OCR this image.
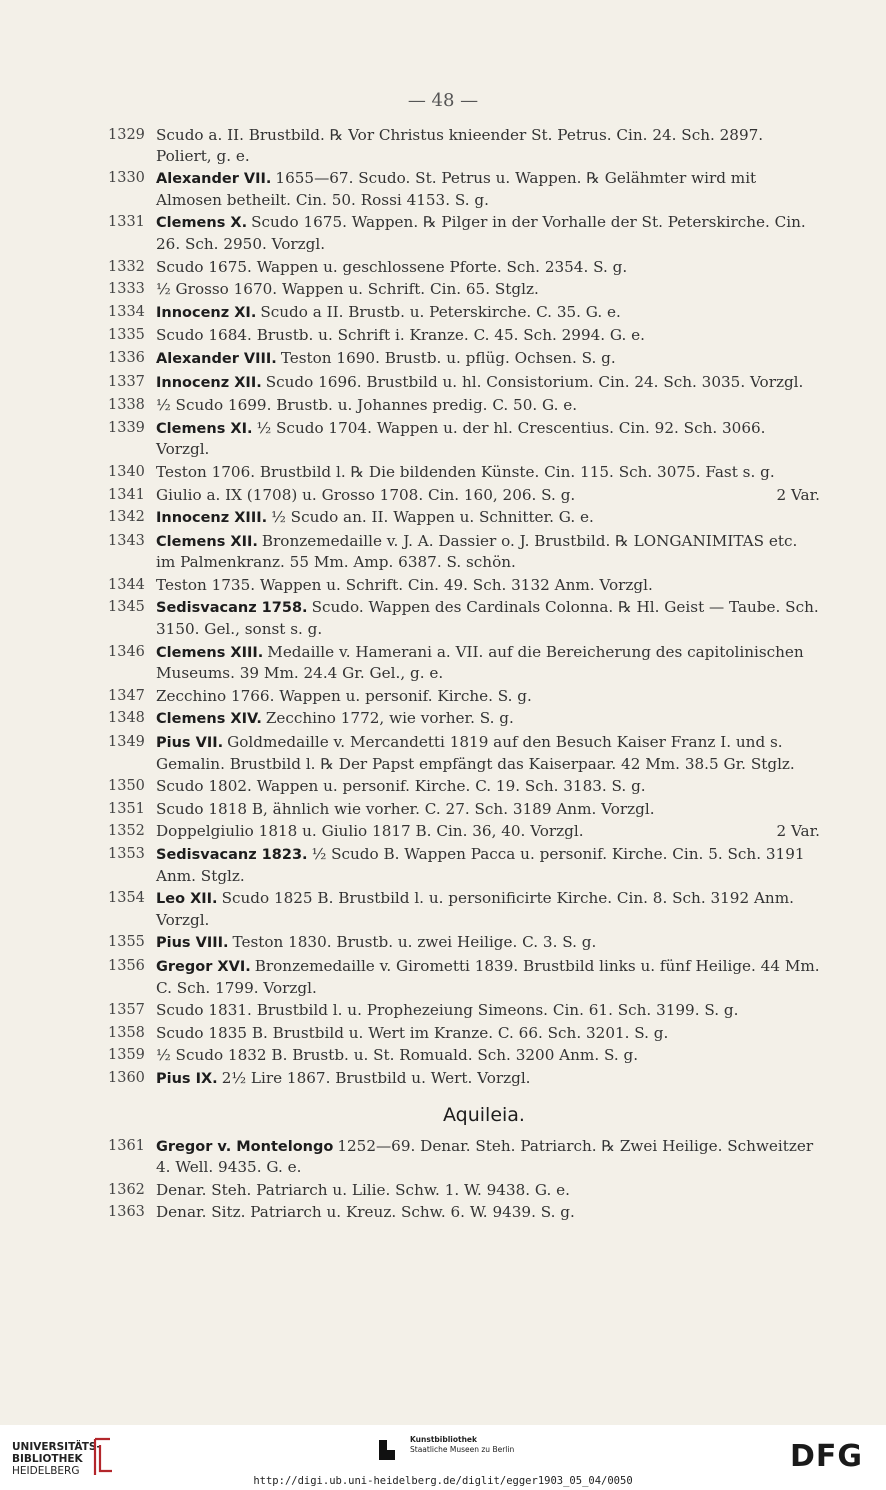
— 48 —
1329 Scudo a. II. Brustbild. ℞ Vor Christus knieender St. Petrus. Cin. 24. Sch. 2897. Poliert, g. e.
1330 Alexander VII. 1655—67. Scudo. St. Petrus u. Wappen. ℞ Gelähmter wird mit Almosen betheilt. Cin. 50. Rossi 4153. S. g.
1331 Clemens X. Scudo 1675. Wappen. ℞ Pilger in der Vorhalle der St. Peterskirche. Cin. 26. Sch. 2950. Vorzgl.
1332 Scudo 1675. Wappen u. geschlossene Pforte. Sch. 2354. S. g.
1333 ½ Grosso 1670. Wappen u. Schrift. Cin. 65. Stglz.
1334 Innocenz XI. Scudo a II. Brustb. u. Peterskirche. C. 35. G. e.
1335 Scudo 1684. Brustb. u. Schrift i. Kranze. C. 45. Sch. 2994. G. e.
1336 Alexander VIII. Teston 1690. Brustb. u. pflüg. Ochsen. S. g.
1337 Innocenz XII. Scudo 1696. Brustbild u. hl. Consistorium. Cin. 24. Sch. 3035. Vorzgl.
1338 ½ Scudo 1699. Brustb. u. Johannes predig. C. 50. G. e.
1339 Clemens XI. ½ Scudo 1704. Wappen u. der hl. Crescentius. Cin. 92. Sch. 3066. Vorzgl.
1340 Teston 1706. Brustbild l. ℞ Die bildenden Künste. Cin. 115. Sch. 3075. Fast s. g.
1341 Giulio a. IX (1708) u. Grosso 1708. Cin. 160, 206. S. g.	2 Var.
1342 Innocenz XIII. ½ Scudo an. II. Wappen u. Schnitter. G. e.
1343 Clemens XII. Bronzemedaille v. J. A. Dassier o. J. Brustbild. ℞ LONGANIMITAS etc. im Palmenkranz. 55 Mm. Amp. 6387. S. schön.
1344 Teston 1735. Wappen u. Schrift. Cin. 49. Sch. 3132 Anm. Vorzgl.
1345 Sedisvacanz 1758. Scudo. Wappen des Cardinals Colonna. ℞ Hl. Geist — Taube. Sch. 3150. Gel., sonst s. g.
1346 Clemens XIII. Medaille v. Hamerani a. VII. auf die Bereicherung des capitolinischen Museums. 39 Mm. 24.4 Gr. Gel., g. e.
1347 Zecchino 1766. Wappen u. personif. Kirche. S. g.
1348 Clemens XIV. Zecchino 1772, wie vorher. S. g.
1349 Pius VII. Goldmedaille v. Mercandetti 1819 auf den Besuch Kaiser Franz I. und s. Gemalin. Brustbild l. ℞ Der Papst empfängt das Kaiserpaar. 42 Mm. 38.5 Gr. Stglz.
1350 Scudo 1802. Wappen u. personif. Kirche. C. 19. Sch. 3183. S. g.
1351 Scudo 1818 B, ähnlich wie vorher. C. 27. Sch. 3189 Anm. Vorzgl.
1352 Doppelgiulio 1818 u. Giulio 1817 B. Cin. 36, 40. Vorzgl.	2 Var.
1353 Sedisvacanz 1823. ½ Scudo B. Wappen Pacca u. personif. Kirche. Cin. 5. Sch. 3191 Anm. Stglz.
1354 Leo XII. Scudo 1825 B. Brustbild l. u. personificirte Kirche. Cin. 8. Sch. 3192 Anm. Vorzgl.
1355 Pius VIII. Teston 1830. Brustb. u. zwei Heilige. C. 3. S. g.
1356 Gregor XVI. Bronzemedaille v. Girometti 1839. Brustbild links u. fünf Heilige. 44 Mm. C. Sch. 1799. Vorzgl.
1357 Scudo 1831. Brustbild l. u. Prophezeiung Simeons. Cin. 61. Sch. 3199. S. g.
1358 Scudo 1835 B. Brustbild u. Wert im Kranze. C. 66. Sch. 3201. S. g.
1359 ½ Scudo 1832 B. Brustb. u. St. Romuald. Sch. 3200 Anm. S. g.
1360 Pius IX. 2½ Lire 1867. Brustbild u. Wert. Vorzgl.
Aquileia.
1361 Gregor v. Montelongo 1252—69. Denar. Steh. Patriarch. ℞ Zwei Heilige. Schweitzer 4. Well. 9435. G. e.
1362 Denar. Steh. Patriarch u. Lilie. Schw. 1. W. 9438. G. e.
1363 Denar. Sitz. Patriarch u. Kreuz. Schw. 6. W. 9439. S. g.
UNIVERSITÄTS-
BIBLIOTHEK
HEIDELBERG
Kunstbibliothek
Staatliche Museen zu Berlin	DFG
http://digi.ub.uni-heidelberg.de/diglit/egger1903_05_04/0050
